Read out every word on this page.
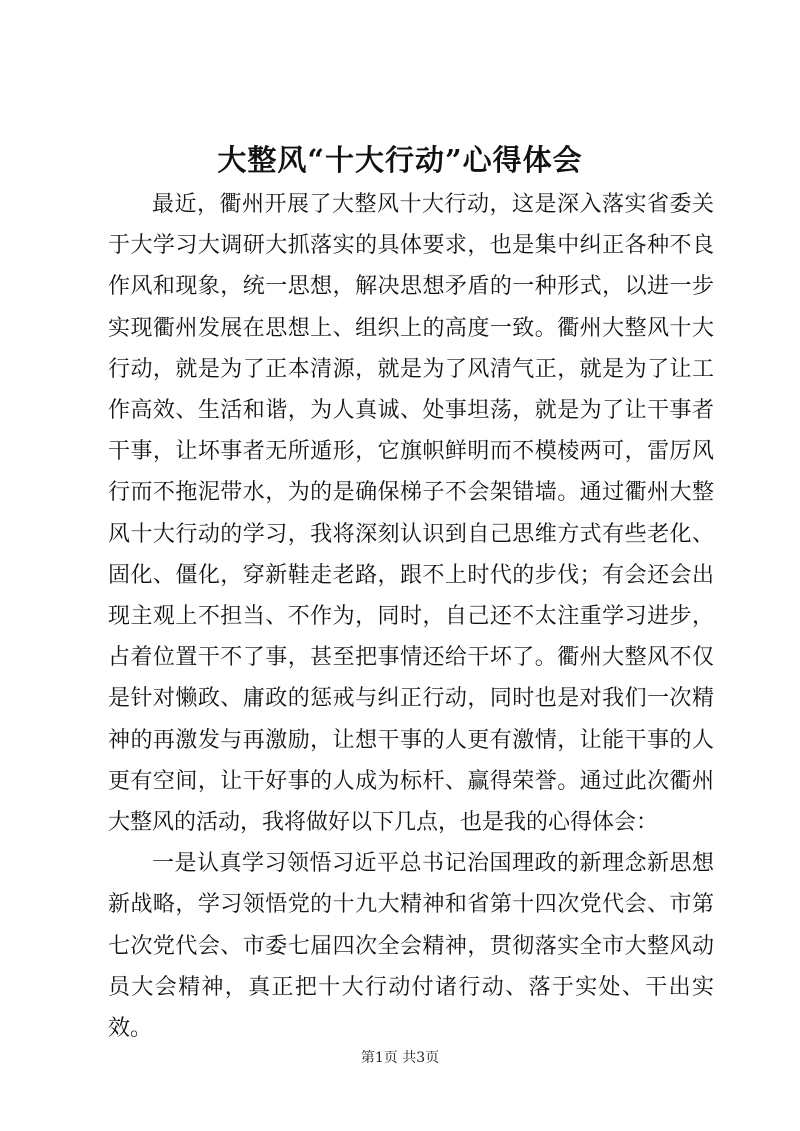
大整风“十大行动”心得体会

最近，衢州开展了大整风十大行动，这是深入落实省委关于大学习大调研大抓落实的具体要求，也是集中纠正各种不良作风和现象，统一思想，解决思想矛盾的一种形式，以进一步实现衢州发展在思想上、组织上的高度一致。衢州大整风十大行动，就是为了正本清源，就是为了风清气正，就是为了让工作高效、生活和谐，为人真诚、处事坦荡，就是为了让干事者干事，让坏事者无所遁形，它旗帜鲜明而不模棱两可，雷厉风行而不拖泥带水，为的是确保梯子不会架错墙。通过衢州大整风十大行动的学习，我将深刻认识到自己思维方式有些老化、固化、僵化，穿新鞋走老路，跟不上时代的步伐；有会还会出现主观上不担当、不作为，同时，自己还不太注重学习进步，占着位置干不了事，甚至把事情还给干坏了。衢州大整风不仅是针对懒政、庸政的惩戒与纠正行动，同时也是对我们一次精神的再激发与再激励，让想干事的人更有激情，让能干事的人更有空间，让干好事的人成为标杆、赢得荣誉。通过此次衢州大整风的活动，我将做好以下几点，也是我的心得体会：

一是认真学习领悟习近平总书记治国理政的新理念新思想新战略，学习领悟党的十九大精神和省第十四次党代会、市第七次党代会、市委七届四次全会精神，贯彻落实全市大整风动员大会精神，真正把十大行动付诸行动、落于实处、干出实效。

第1页 共3页
